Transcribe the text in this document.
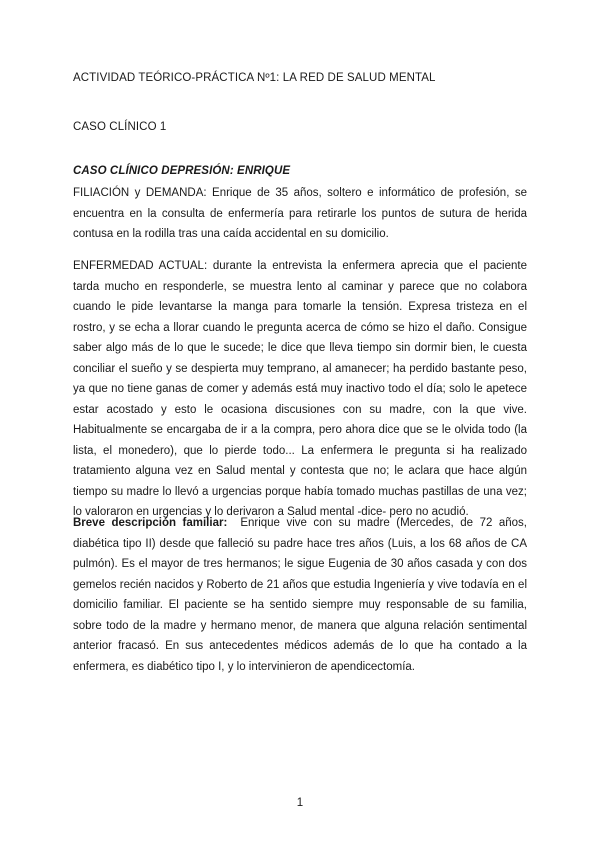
ACTIVIDAD TEÓRICO-PRÁCTICA Nº1: LA RED DE SALUD MENTAL
CASO CLÍNICO 1
CASO CLÍNICO DEPRESIÓN: ENRIQUE

FILIACIÓN y DEMANDA: Enrique de 35 años, soltero e informático de profesión, se encuentra en la consulta de enfermería para retirarle los puntos de sutura de herida contusa en la rodilla tras una caída accidental en su domicilio.

ENFERMEDAD ACTUAL: durante la entrevista la enfermera aprecia que el paciente tarda mucho en responderle, se muestra lento al caminar y parece que no colabora cuando le pide levantarse la manga para tomarle la tensión. Expresa tristeza en el rostro, y se echa a llorar cuando le pregunta acerca de cómo se hizo el daño. Consigue saber algo más de lo que le sucede; le dice que lleva tiempo sin dormir bien, le cuesta conciliar el sueño y se despierta muy temprano, al amanecer; ha perdido bastante peso, ya que no tiene ganas de comer y además está muy inactivo todo el día; solo le apetece estar acostado y esto le ocasiona discusiones con su madre, con la que vive. Habitualmente se encargaba de ir a la compra, pero ahora dice que se le olvida todo (la lista, el monedero), que lo pierde todo... La enfermera le pregunta si ha realizado tratamiento alguna vez en Salud mental y contesta que no; le aclara que hace algún tiempo su madre lo llevó a urgencias porque había tomado muchas pastillas de una vez; lo valoraron en urgencias y lo derivaron a Salud mental -dice- pero no acudió.

Breve descripción familiar: Enrique vive con su madre (Mercedes, de 72 años, diabética tipo II) desde que falleció su padre hace tres años (Luis, a los 68 años de CA pulmón). Es el mayor de tres hermanos; le sigue Eugenia de 30 años casada y con dos gemelos recién nacidos y Roberto de 21 años que estudia Ingeniería y vive todavía en el domicilio familiar. El paciente se ha sentido siempre muy responsable de su familia, sobre todo de la madre y hermano menor, de manera que alguna relación sentimental anterior fracasó. En sus antecedentes médicos además de lo que ha contado a la enfermera, es diabético tipo I, y lo intervinieron de apendicectomía.

1
